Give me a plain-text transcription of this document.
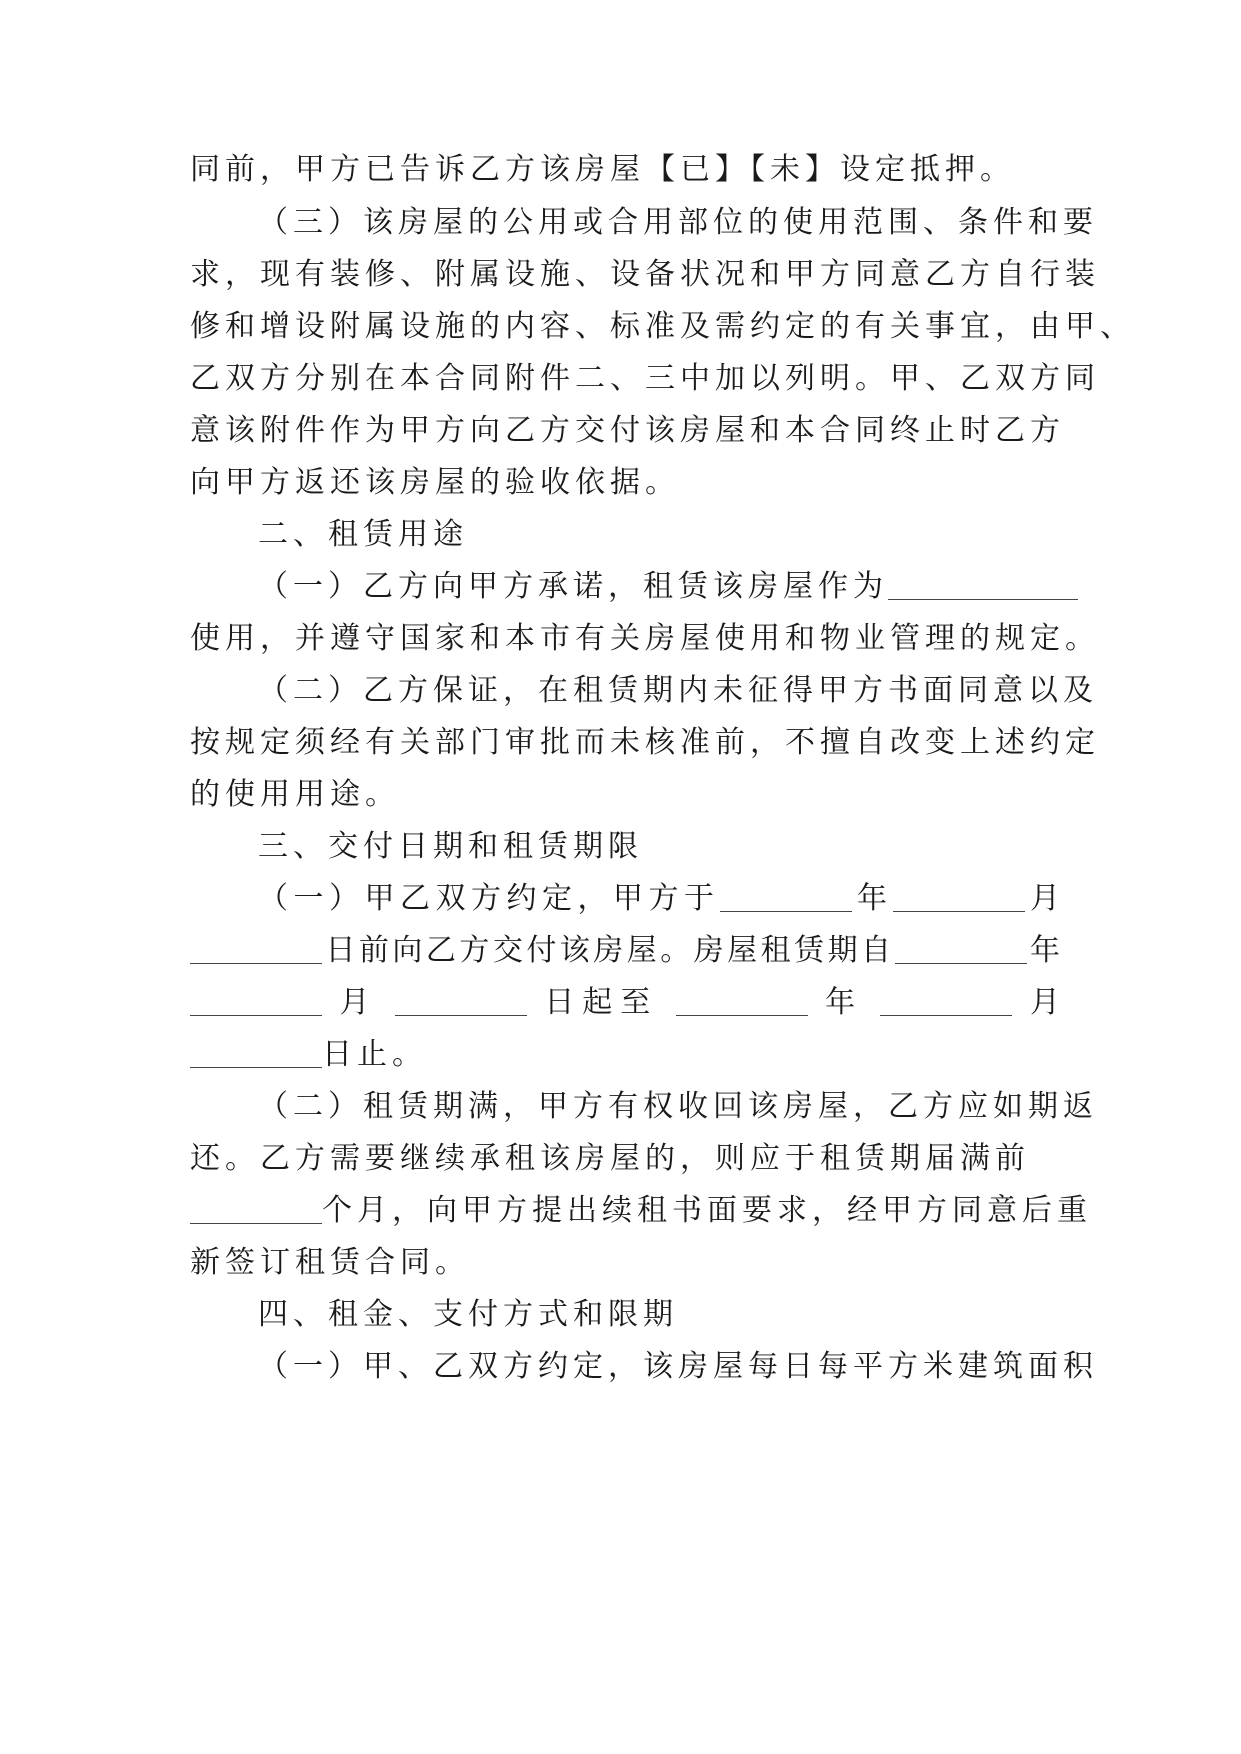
同前，甲方已告诉乙方该房屋【已】【未】设定抵押。
（三）该房屋的公用或合用部位的使用范围、条件和要
求，现有装修、附属设施、设备状况和甲方同意乙方自行装
修和增设附属设施的内容、标准及需约定的有关事宜，由甲、
乙双方分别在本合同附件二、三中加以列明。甲、乙双方同
意该附件作为甲方向乙方交付该房屋和本合同终止时乙方
向甲方返还该房屋的验收依据。
二、租赁用途
（一）乙方向甲方承诺，租赁该房屋作为
使用，并遵守国家和本市有关房屋使用和物业管理的规定。
（二）乙方保证，在租赁期内未征得甲方书面同意以及
按规定须经有关部门审批而未核准前，不擅自改变上述约定
的使用用途。
三、交付日期和租赁期限
（一）甲乙双方约定，甲方于	年	月
日前向乙方交付该房屋。房屋租赁期自	年
月	日起至	年	月
日止。
（二）租赁期满，甲方有权收回该房屋，乙方应如期返
还。乙方需要继续承租该房屋的，则应于租赁期届满前
个月，向甲方提出续租书面要求，经甲方同意后重
新签订租赁合同。
四、租金、支付方式和限期
（一）甲、乙双方约定，该房屋每日每平方米建筑面积
